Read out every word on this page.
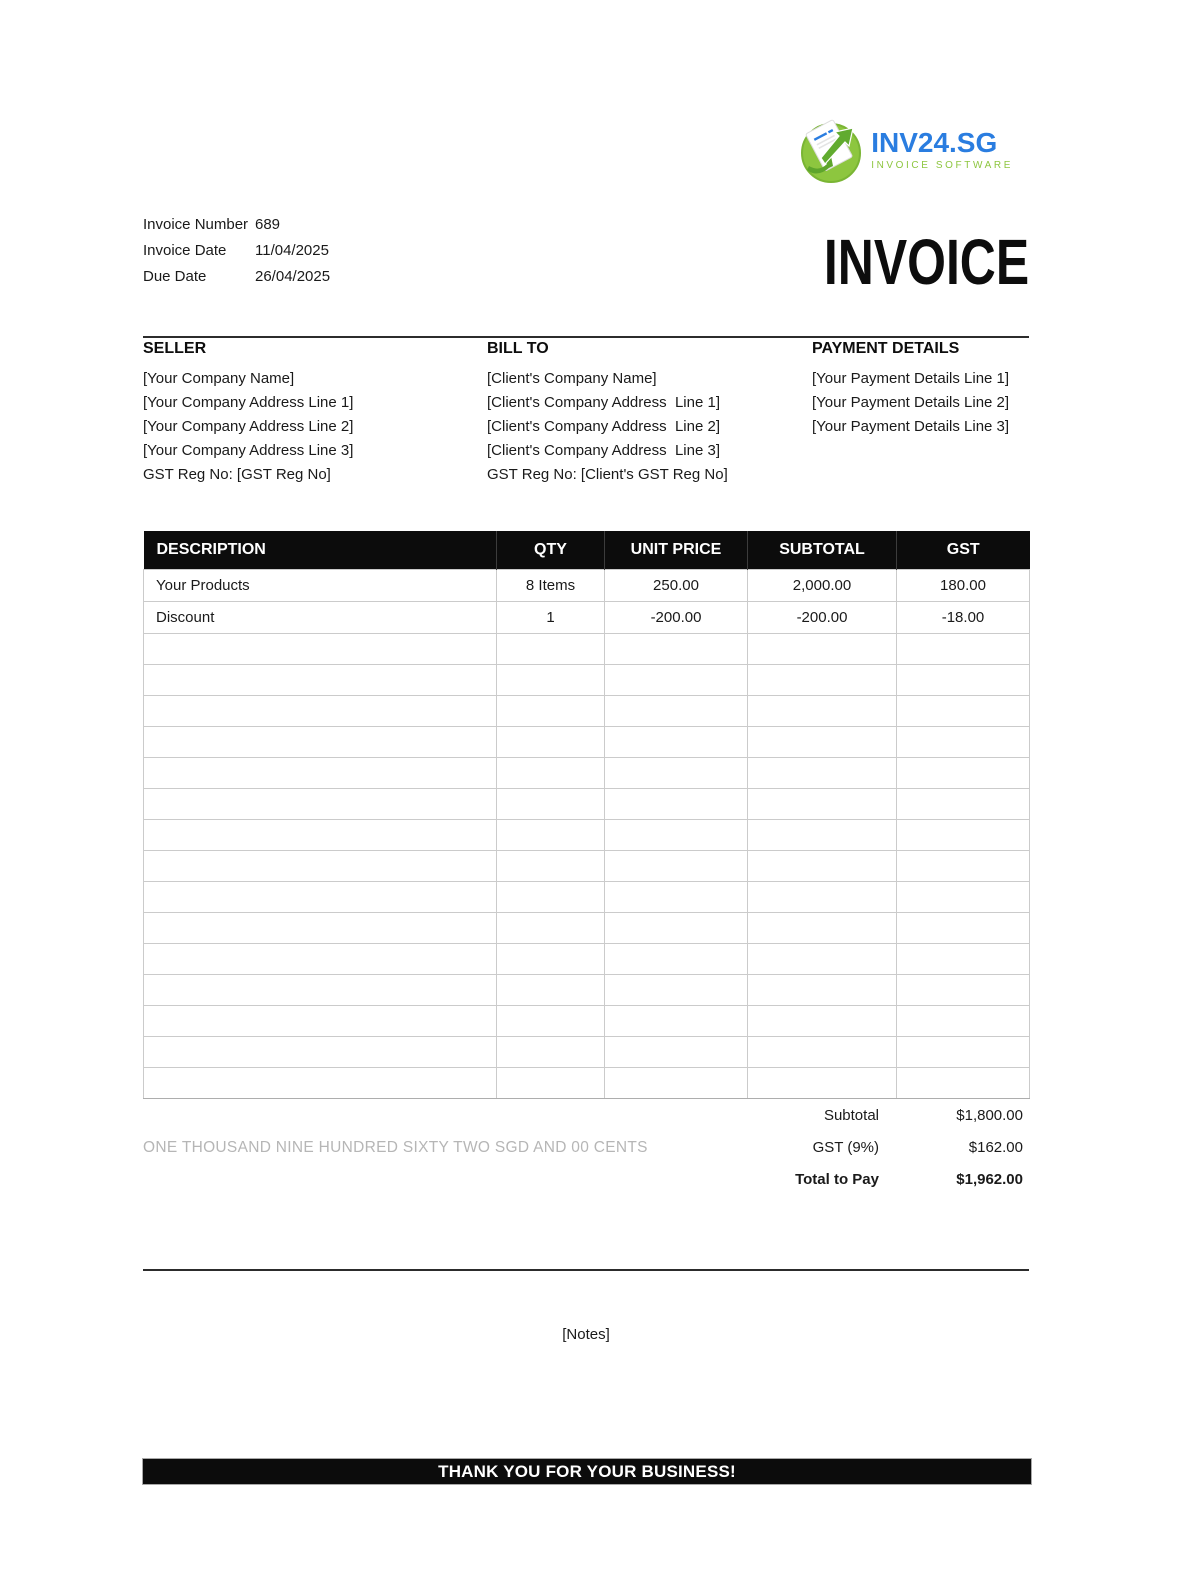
INV24.SG
INVOICE SOFTWARE
Invoice Number 689
Invoice Date	11/04/2025
Due Date	26/04/2025	INVOICE
SELLER
[Your Company Name]
[Your Company Address Line 1]
[Your Company Address Line 2]
[Your Company Address Line 3]
GST Reg No: [GST Reg No]
BILL TO
[Client's Company Name]
[Client's Company Address  Line 1]
[Client's Company Address  Line 2]
[Client's Company Address  Line 3]
GST Reg No: [Client's GST Reg No]
PAYMENT DETAILS
[Your Payment Details Line 1]
[Your Payment Details Line 2]
[Your Payment Details Line 3]
DESCRIPTION	QTY	UNIT PRICE	SUBTOTAL	GST
Your Products	8 Items	250.00	2,000.00	180.00
Discount	1	-200.00	-200.00	-18.00

ONE THOUSAND NINE HUNDRED SIXTY TWO SGD AND 00 CENTS
Subtotal	$1,800.00
GST (9%)	$162.00
Total to Pay	$1,962.00
[Notes]
THANK YOU FOR YOUR BUSINESS!
